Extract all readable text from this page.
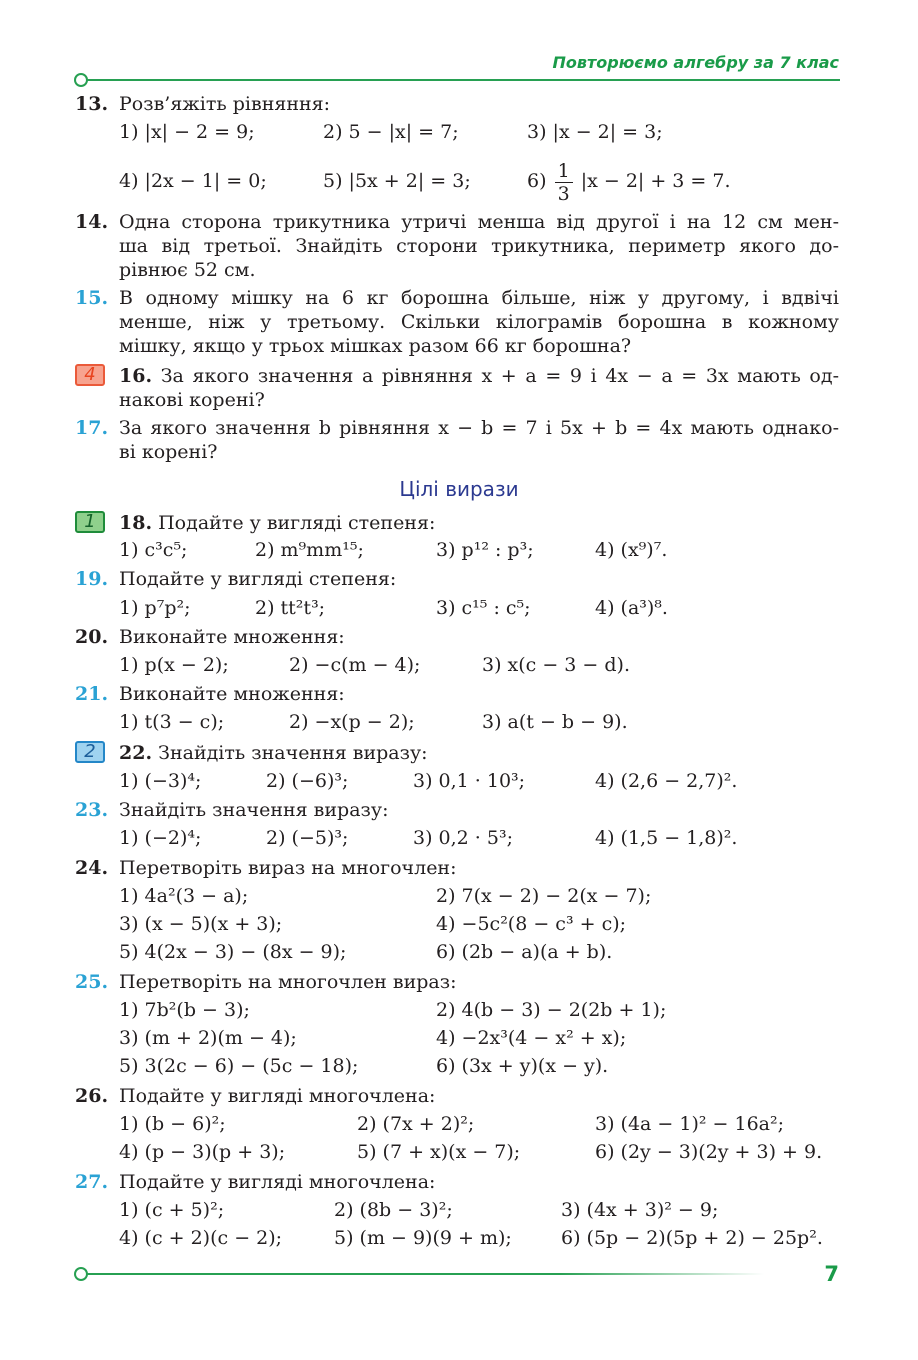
Повторюємо алгебру за 7 клас
13. Розв’яжіть рівняння:
1) |x| − 2 = 9;	2) 5 − |x| = 7;	3) |x − 2| = 3;
4) |2x − 1| = 0;	5) |5x + 2| = 3;	$6) \frac{1}{3} |x - 2| + 3 = 7$.
14. Одна сторона трикутника утричі менша від другої і на 12 см мен-
ша від третьої. Знайдіть сторони трикутника, периметр якого до-
рівнює 52 см.
15. В одному мішку на 6 кг борошна більше, ніж у другому, і вдвічі
менше, ніж у третьому. Скільки кілограмів борошна в кожному
мішку, якщо у трьох мішках разом 66 кг борошна?
4	16. За якого значення a рівняння x + a = 9 і 4x − a = 3x мають од-
накові корені?
17. За якого значення b рівняння x − b = 7 і 5x + b = 4x мають однако-
ві корені?
Цілі вирази
1	18. Подайте у вигляді степеня:
1) c³c⁵;	2) m⁹mm¹⁵;	3) p¹² : p³;	4) (x⁹)⁷.
19. Подайте у вигляді степеня:
1) p⁷p²;	2) tt²t³;	3) c¹⁵ : c⁵;	4) (a³)⁸.
20. Виконайте множення:
1) p(x − 2);	2) −c(m − 4);	3) x(c − 3 − d).
21. Виконайте множення:
1) t(3 − c);	2) −x(p − 2);	3) a(t − b − 9).
2	22. Знайдіть значення виразу:
1) (−3)⁴;	2) (−6)³;	3) 0,1 · 10³;	4) (2,6 − 2,7)².
23. Знайдіть значення виразу:
1) (−2)⁴;	2) (−5)³;	3) 0,2 · 5³;	4) (1,5 − 1,8)².
24. Перетворіть вираз на многочлен:
1) 4a²(3 − a);	2) 7(x − 2) − 2(x − 7);
3) (x − 5)(x + 3);	4) −5c²(8 − c³ + c);
5) 4(2x − 3) − (8x − 9);	6) (2b − a)(a + b).
25. Перетворіть на многочлен вираз:
1) 7b²(b − 3);	2) 4(b − 3) − 2(2b + 1);
3) (m + 2)(m − 4);	4) −2x³(4 − x² + x);
5) 3(2c − 6) − (5c − 18);	6) (3x + y)(x − y).
26. Подайте у вигляді многочлена:
1) (b − 6)²;	2) (7x + 2)²;	3) (4a − 1)² − 16a²;
4) (p − 3)(p + 3);	5) (7 + x)(x − 7);	6) (2y − 3)(2y + 3) + 9.
27. Подайте у вигляді многочлена:
1) (c + 5)²;	2) (8b − 3)²;	3) (4x + 3)² − 9;
4) (c + 2)(c − 2);	5) (m − 9)(9 + m);	6) (5p − 2)(5p + 2) − 25p².
7
